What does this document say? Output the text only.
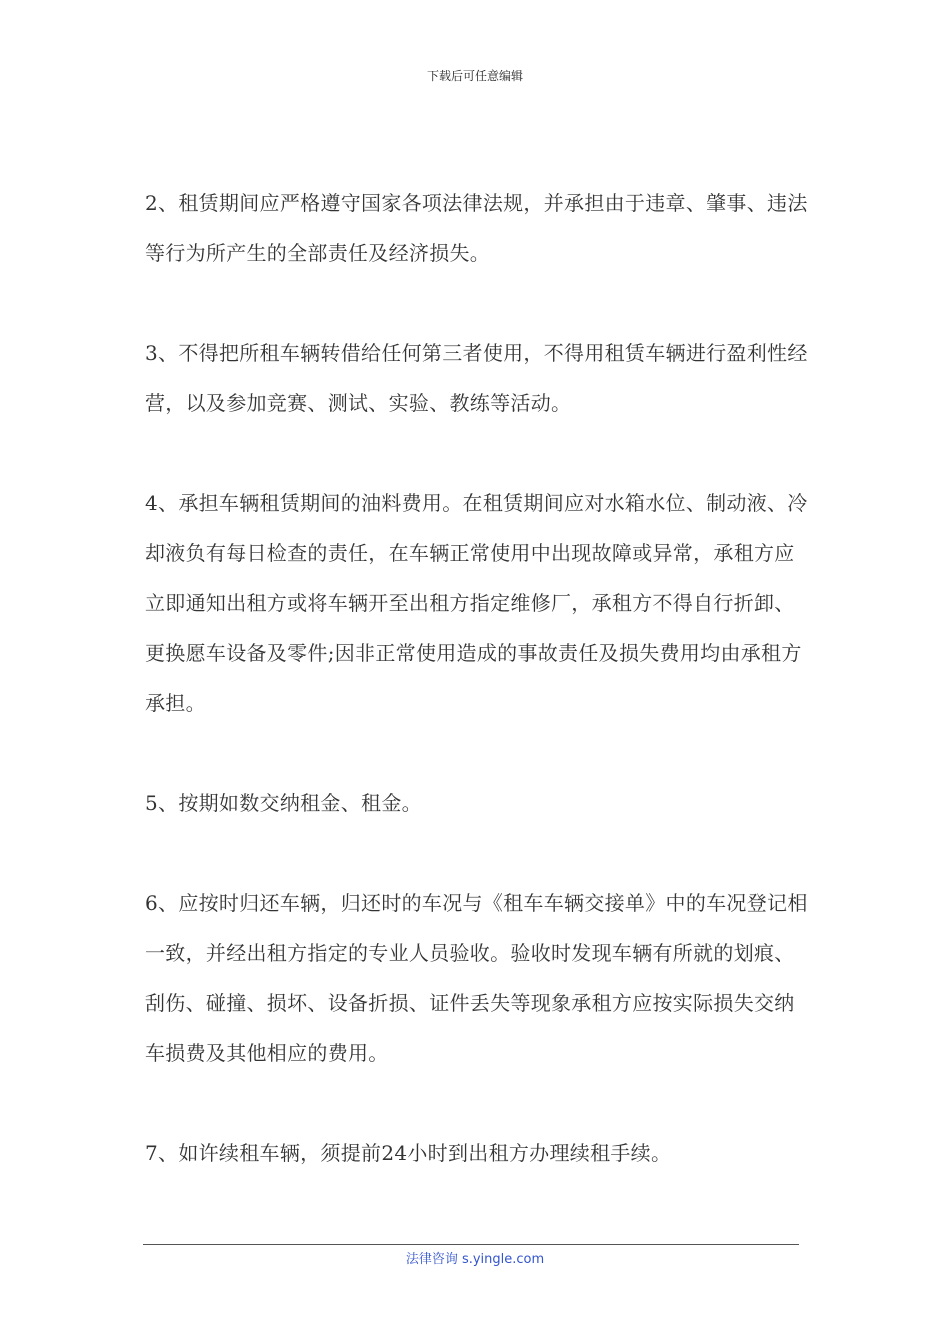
下载后可任意编辑

2、租赁期间应严格遵守国家各项法律法规，并承担由于违章、肇事、违法等行为所产生的全部责任及经济损失。

3、不得把所租车辆转借给任何第三者使用，不得用租赁车辆进行盈利性经营，以及参加竞赛、测试、实验、教练等活动。

4、承担车辆租赁期间的油料费用。在租赁期间应对水箱水位、制动液、冷却液负有每日检查的责任，在车辆正常使用中出现故障或异常，承租方应立即通知出租方或将车辆开至出租方指定维修厂，承租方不得自行折卸、更换愿车设备及零件;因非正常使用造成的事故责任及损失费用均由承租方承担。

5、按期如数交纳租金、租金。

6、应按时归还车辆，归还时的车况与《租车车辆交接单》中的车况登记相一致，并经出租方指定的专业人员验收。验收时发现车辆有所就的划痕、刮伤、碰撞、损坏、设备折损、证件丢失等现象承租方应按实际损失交纳车损费及其他相应的费用。

7、如许续租车辆，须提前24小时到出租方办理续租手续。

法律咨询 s.yingle.com
